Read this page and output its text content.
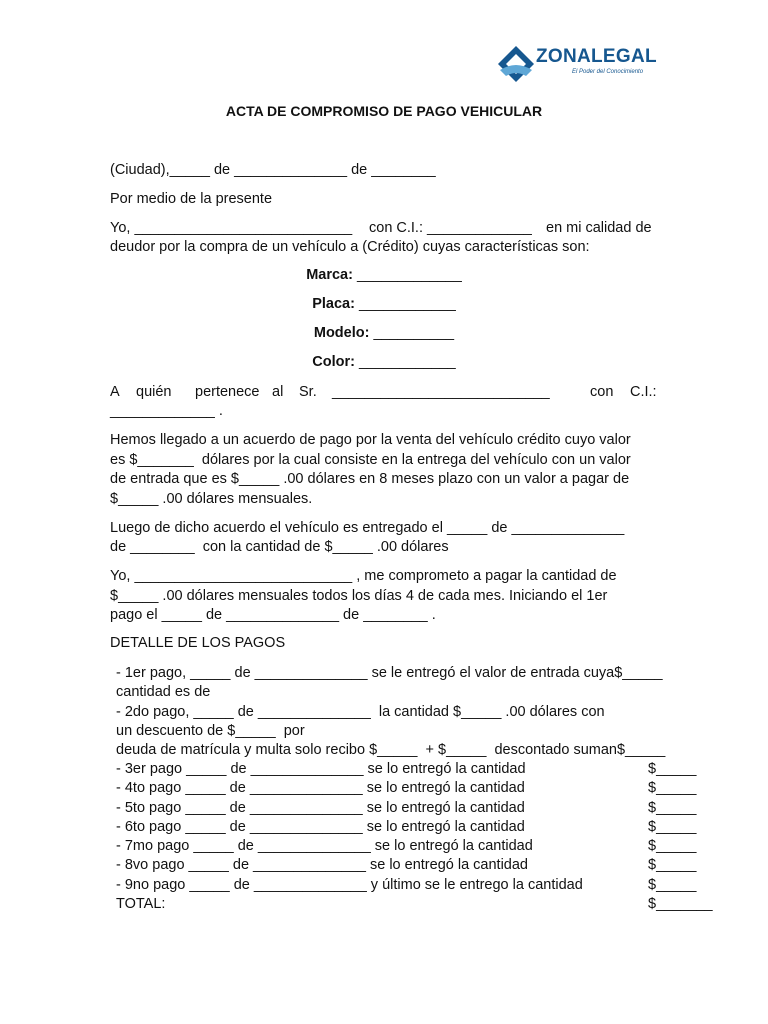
ZONALEGAL
El Poder del Conocimiento
ACTA DE COMPROMISO DE PAGO VEHICULAR
(Ciudad),_____ de ______________ de ________
Por medio de la presente
Yo, ___________________________ con C.I.: _____________ en mi calidad de
deudor por la compra de un vehículo a (Crédito) cuyas características son:
Marca: _____________
Placa: ____________
Modelo: __________
Color: ____________
A quién pertenece al Sr. ___________________________	con C.I.:
_____________ .
Hemos llegado a un acuerdo de pago por la venta del vehículo crédito cuyo valor
es $_______  dólares por la cual consiste en la entrega del vehículo con un valor
de entrada que es $_____ .00 dólares en 8 meses plazo con un valor a pagar de
$_____ .00 dólares mensuales.
Luego de dicho acuerdo el vehículo es entregado el _____ de ______________
de ________  con la cantidad de $_____ .00 dólares
Yo, ___________________________ , me comprometo a pagar la cantidad de
$_____ .00 dólares mensuales todos los días 4 de cada mes. Iniciando el 1er
pago el _____ de ______________ de ________ .
DETALLE DE LOS PAGOS
- 1er pago, _____ de ______________ se le entregó el valor de entrada cuya$_____
cantidad es de
- 2do pago, _____ de ______________  la cantidad $_____ .00 dólares con
un descuento de $_____  por
deuda de matrícula y multa solo recibo $_____  + $_____  descontado suman$_____
- 3er pago _____ de ______________ se lo entregó la cantidad	$_____
- 4to pago _____ de ______________ se lo entregó la cantidad	$_____
- 5to pago _____ de ______________ se lo entregó la cantidad	$_____
- 6to pago _____ de ______________ se lo entregó la cantidad	$_____
- 7mo pago _____ de ______________ se lo entregó la cantidad	$_____
- 8vo pago _____ de ______________ se lo entregó la cantidad	$_____
- 9no pago _____ de ______________ y último se le entrego la cantidad	$_____
TOTAL:	$_______
